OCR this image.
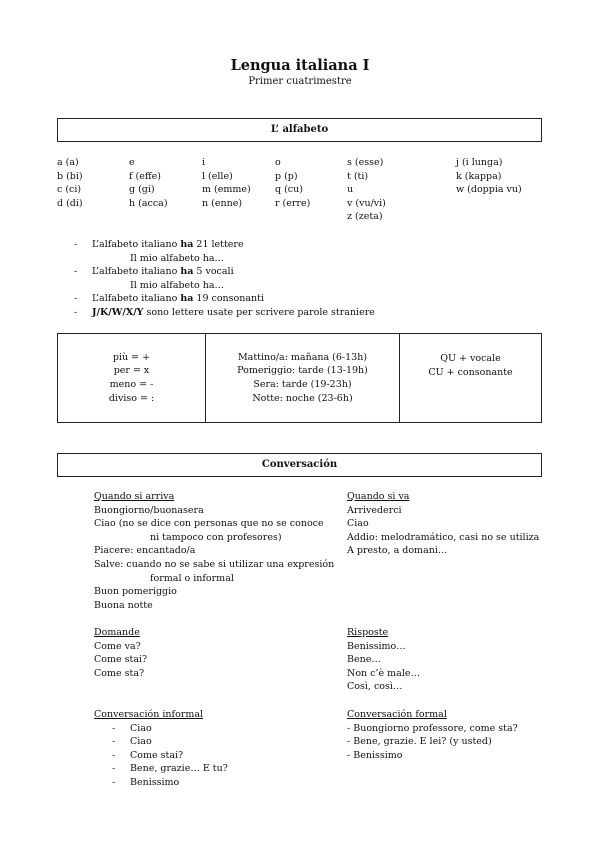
Lengua italiana I
Primer cuatrimestre
L’ alfabeto
a (a)
b (bi)
c (ci)
d (di)
e
f (effe)
g (gi)
h (acca)
i
l (elle)
m (emme)
n (enne)
o
p (p)
q (cu)
r (erre)
s (esse)
t (ti)
u
v (vu/vi)
z (zeta)
j (i lunga)
k (kappa)
w (doppia vu)
- L’alfabeto italiano ha 21 lettere
Il mio alfabeto ha…
- L’alfabeto italiano ha 5 vocali
Il mio alfabeto ha…
- L’alfabeto italiano ha 19 consonanti
- J/K/W/X/Y sono lettere usate per scrivere parole straniere
più = +
per = x
meno = -
diviso = :
Mattino/a: mañana (6-13h)
Pomeriggio: tarde (13-19h)
Sera: tarde (19-23h)
Notte: noche (23-6h)
QU + vocale
CU + consonante
Conversación
Quando si arriva
Buongiorno/buonasera
Ciao (no se dice con personas que no se conoce
ni tampoco con profesores)
Piacere: encantado/a
Salve: cuando no se sabe si utilizar una expresión
formal o informal
Buon pomeriggio
Buona notte
Quando si va
Arrivederci
Ciao
Addio: melodramático, casi no se utiliza
A presto, a domani…
Domande
Come va?
Come stai?
Come sta?
Risposte
Benissimo…
Bene…
Non c’è male…
Così, così…
Conversación informal
- Ciao
- Ciao
- Come stai?
- Bene, grazie… E tu?
- Benissimo
Conversación formal
- Buongiorno professore, come sta?
- Bene, grazie. E lei? (y usted)
- Benissimo
